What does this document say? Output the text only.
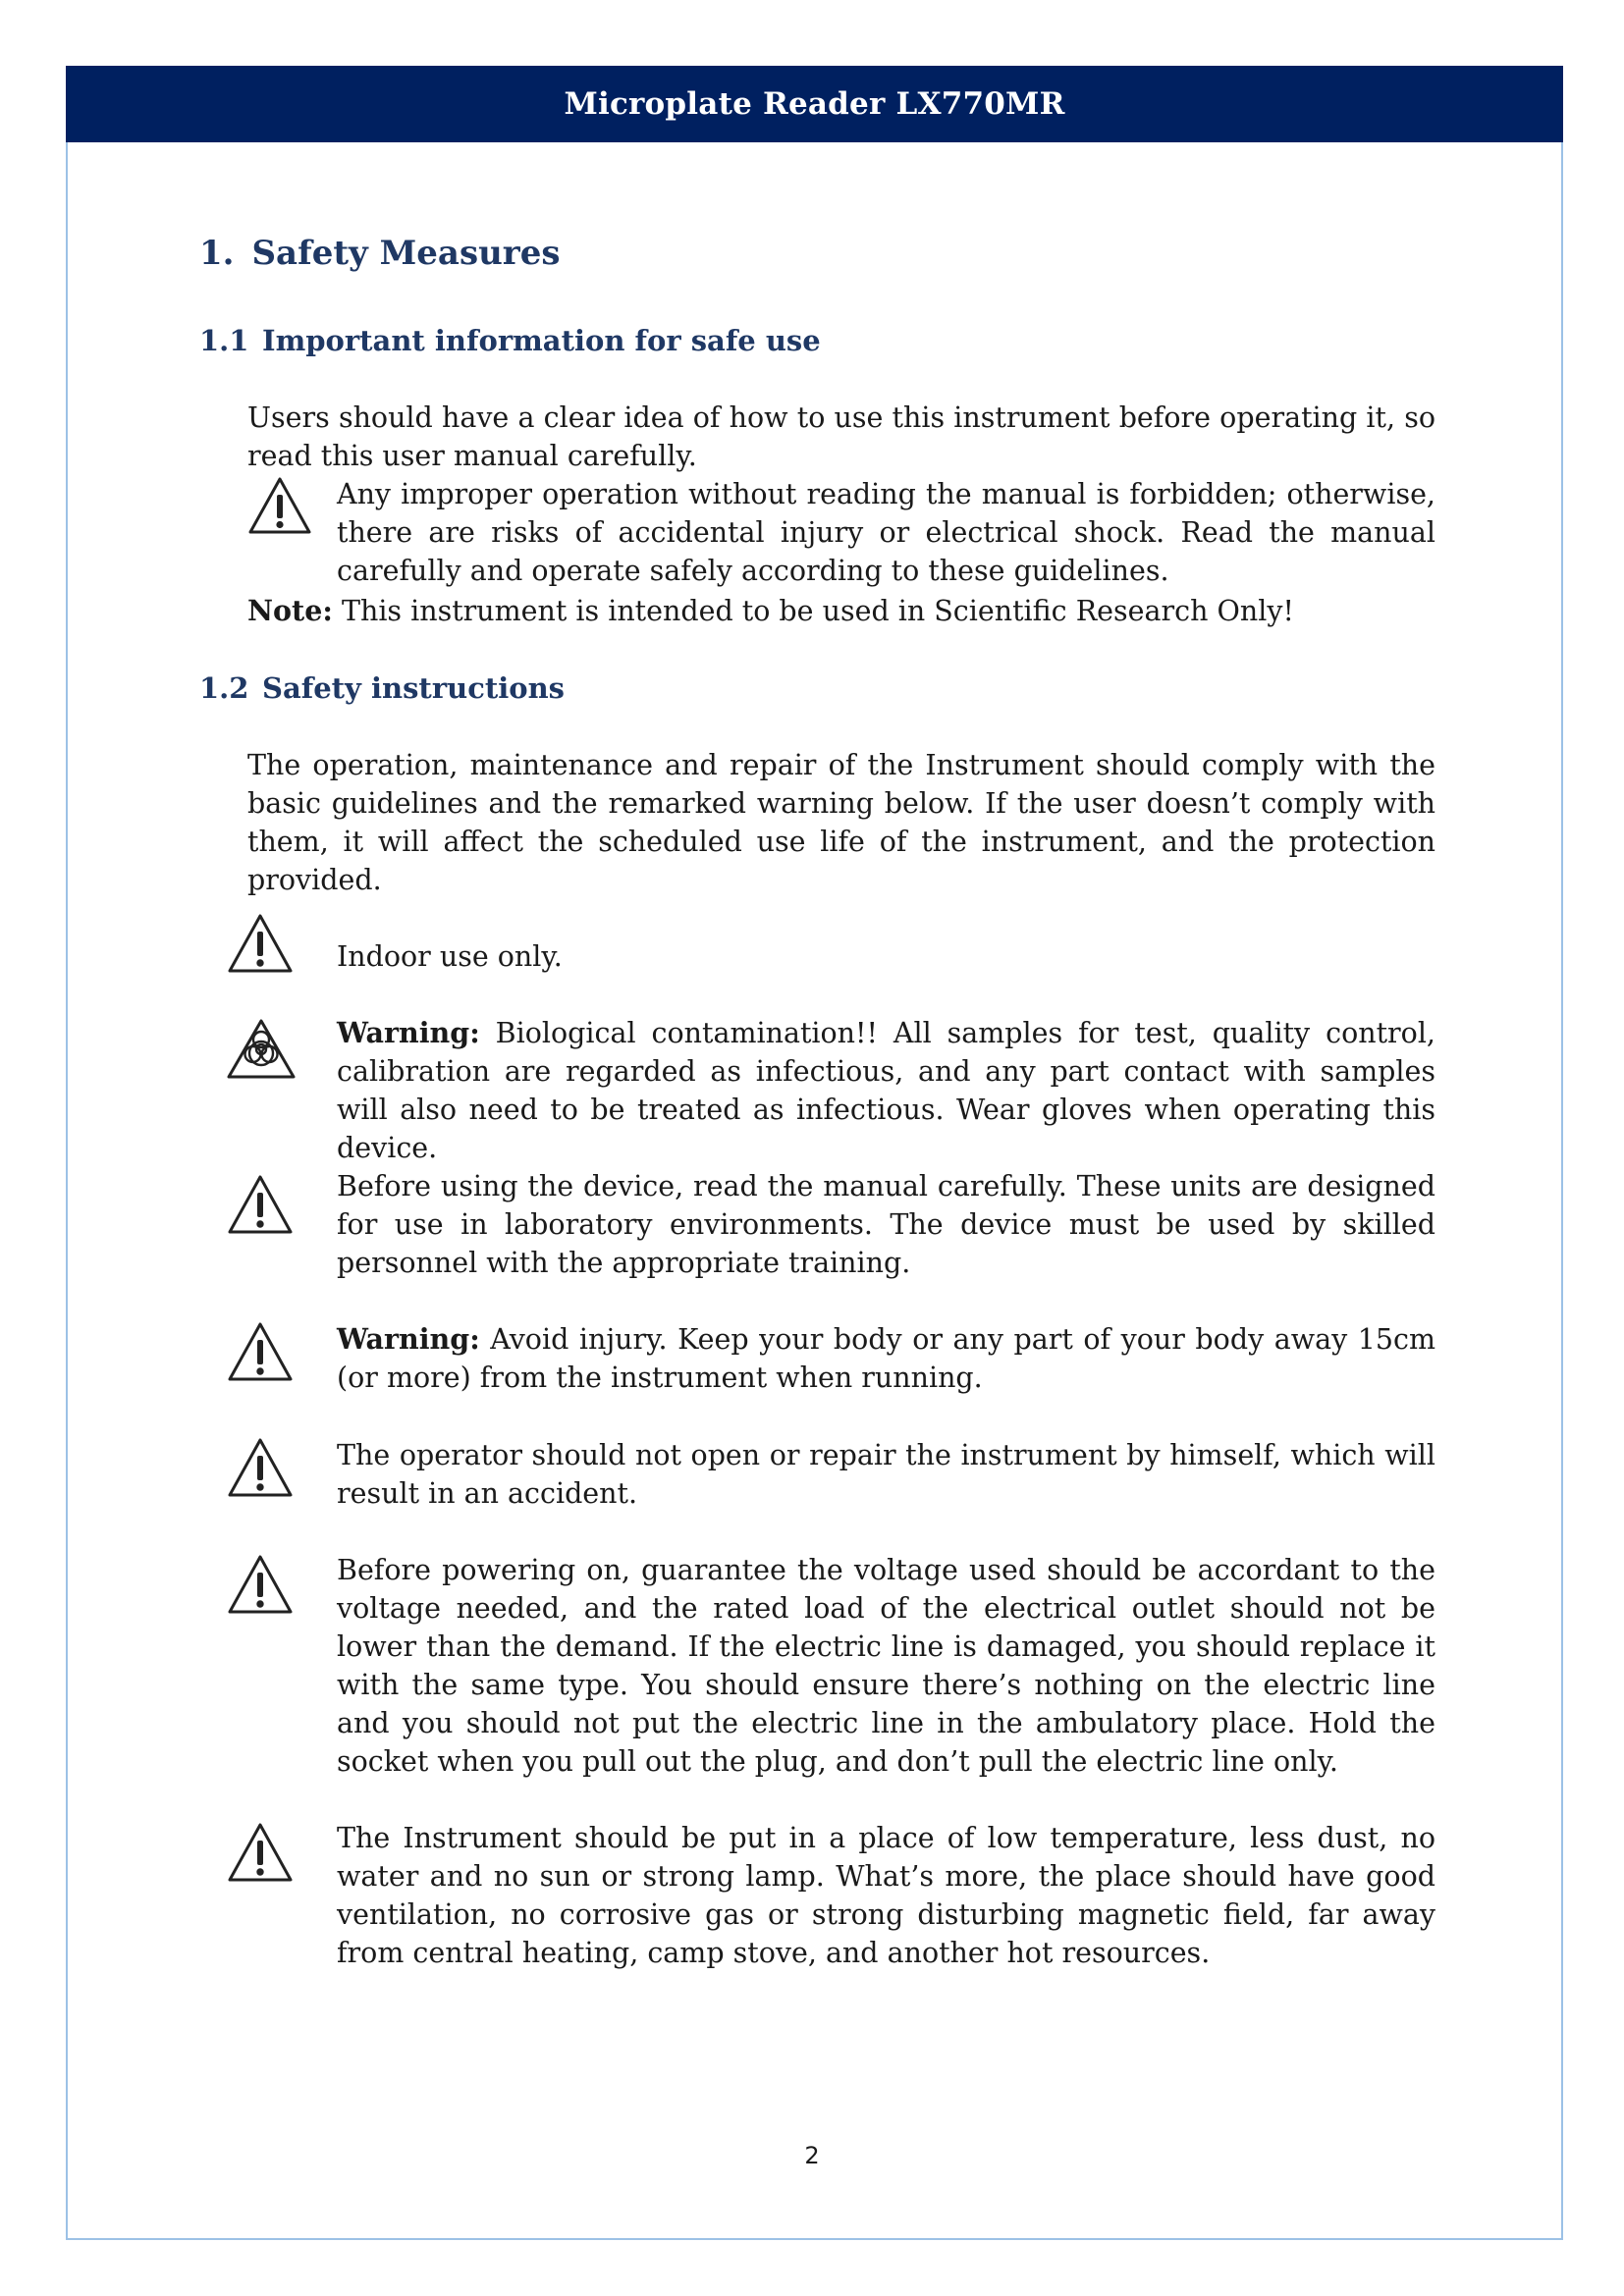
Microplate Reader LX770MR
1. Safety Measures
1.1 Important information for safe use
Users should have a clear idea of how to use this instrument before operating it, so read this user manual carefully.
Any improper operation without reading the manual is forbidden; otherwise, there are risks of accidental injury or electrical shock. Read the manual carefully and operate safely according to these guidelines.
Note: This instrument is intended to be used in Scientific Research Only!
1.2 Safety instructions
The operation, maintenance and repair of the Instrument should comply with the basic guidelines and the remarked warning below. If the user doesn’t comply with them, it will affect the scheduled use life of the instrument, and the protection provided.
Indoor use only.
Warning: Biological contamination!! All samples for test, quality control, calibration are regarded as infectious, and any part contact with samples will also need to be treated as infectious. Wear gloves when operating this device.
Before using the device, read the manual carefully. These units are designed for use in laboratory environments. The device must be used by skilled personnel with the appropriate training.
Warning: Avoid injury. Keep your body or any part of your body away 15cm (or more) from the instrument when running.
The operator should not open or repair the instrument by himself, which will result in an accident.
Before powering on, guarantee the voltage used should be accordant to the voltage needed, and the rated load of the electrical outlet should not be lower than the demand. If the electric line is damaged, you should replace it with the same type. You should ensure there’s nothing on the electric line and you should not put the electric line in the ambulatory place. Hold the socket when you pull out the plug, and don’t pull the electric line only.
The Instrument should be put in a place of low temperature, less dust, no water and no sun or strong lamp. What’s more, the place should have good ventilation, no corrosive gas or strong disturbing magnetic field, far away from central heating, camp stove, and another hot resources.
2
